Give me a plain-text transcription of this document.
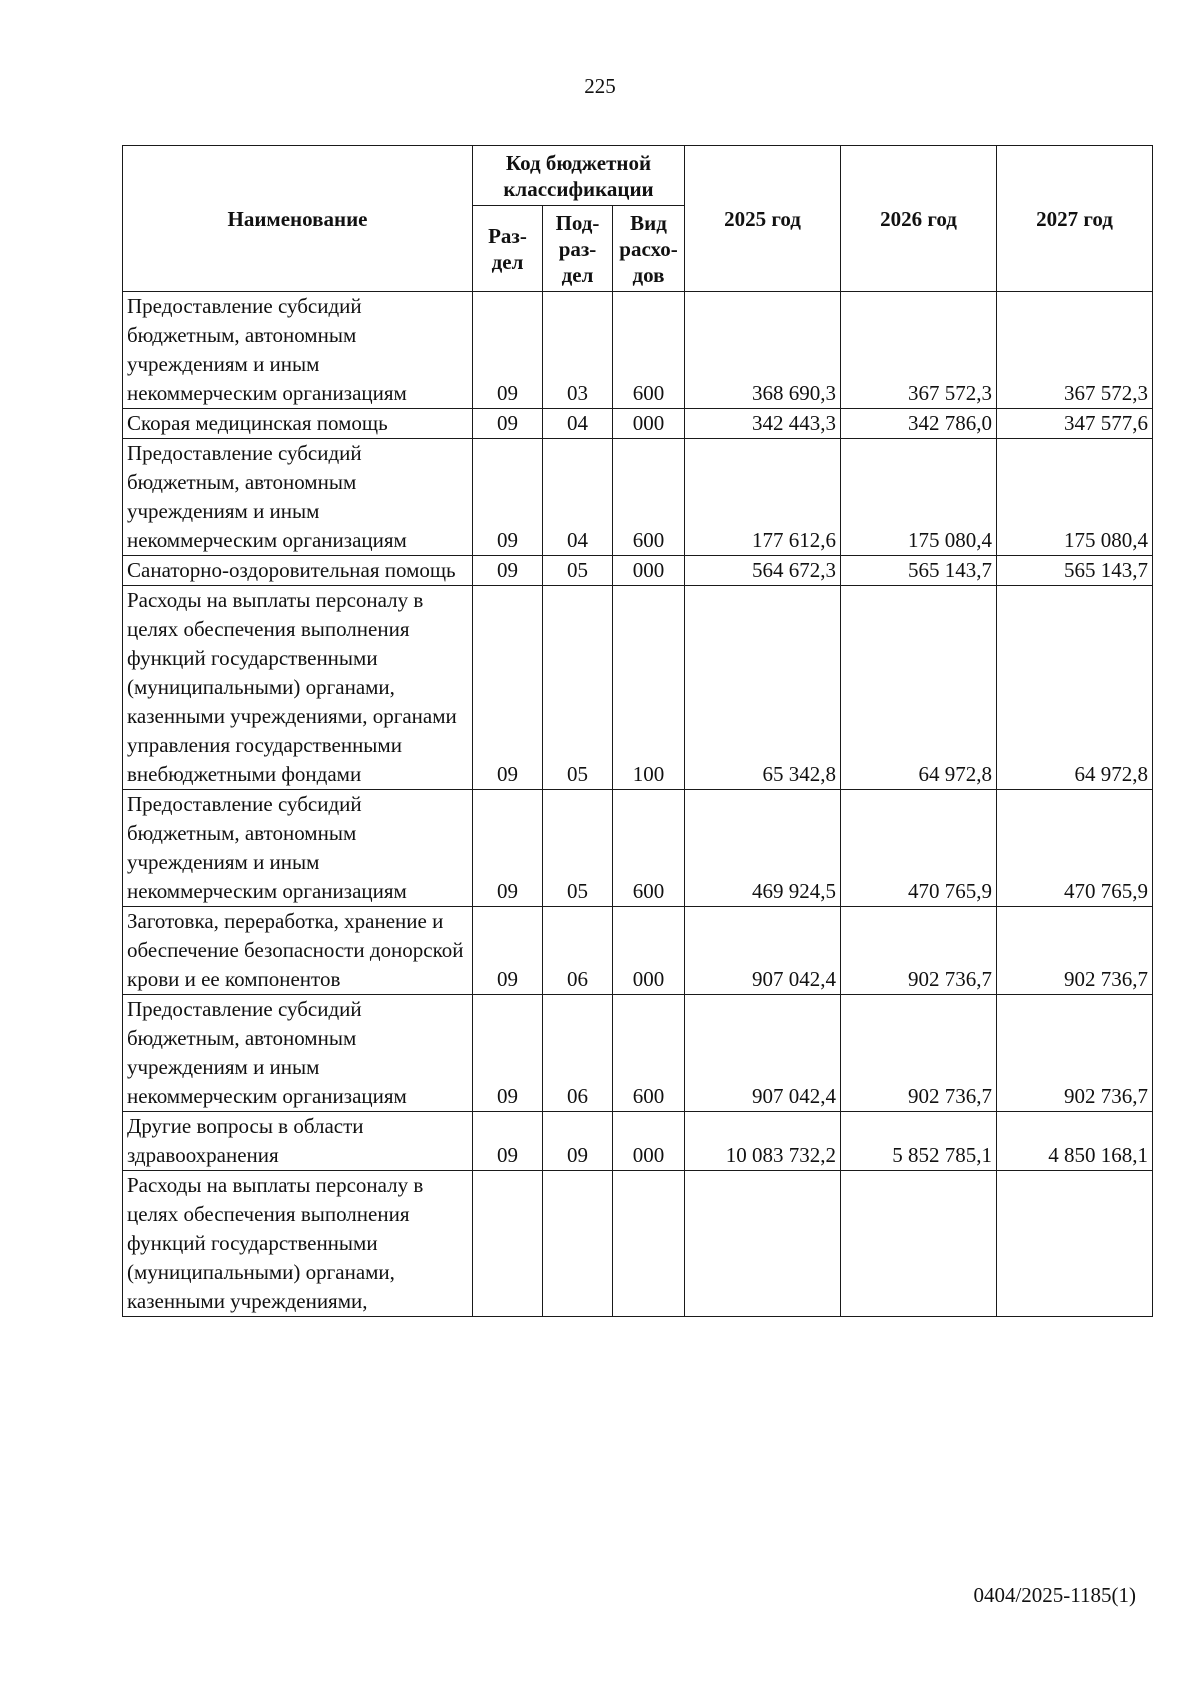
225
Наименование	Код бюджетной классификации			2025 год	2026 год	2027 год
	Раз-дел	Под-раз-дел	Вид расхо-дов			
Предоставление субсидий бюджетным, автономным учреждениям и иным некоммерческим организациям	09	03	600	368 690,3	367 572,3	367 572,3
Скорая медицинская помощь	09	04	000	342 443,3	342 786,0	347 577,6
Предоставление субсидий бюджетным, автономным учреждениям и иным некоммерческим организациям	09	04	600	177 612,6	175 080,4	175 080,4
Санаторно-оздоровительная помощь	09	05	000	564 672,3	565 143,7	565 143,7
Расходы на выплаты персоналу в целях обеспечения выполнения функций государственными (муниципальными) органами, казенными учреждениями, органами управления государственными внебюджетными фондами	09	05	100	65 342,8	64 972,8	64 972,8
Предоставление субсидий бюджетным, автономным учреждениям и иным некоммерческим организациям	09	05	600	469 924,5	470 765,9	470 765,9
Заготовка, переработка, хранение и обеспечение безопасности донорской крови и ее компонентов	09	06	000	907 042,4	902 736,7	902 736,7
Предоставление субсидий бюджетным, автономным учреждениям и иным некоммерческим организациям	09	06	600	907 042,4	902 736,7	902 736,7
Другие вопросы в области здравоохранения	09	09	000	10 083 732,2	5 852 785,1	4 850 168,1
Расходы на выплаты персоналу в целях обеспечения выполнения функций государственными (муниципальными) органами, казенными учреждениями,						
0404/2025-1185(1)
